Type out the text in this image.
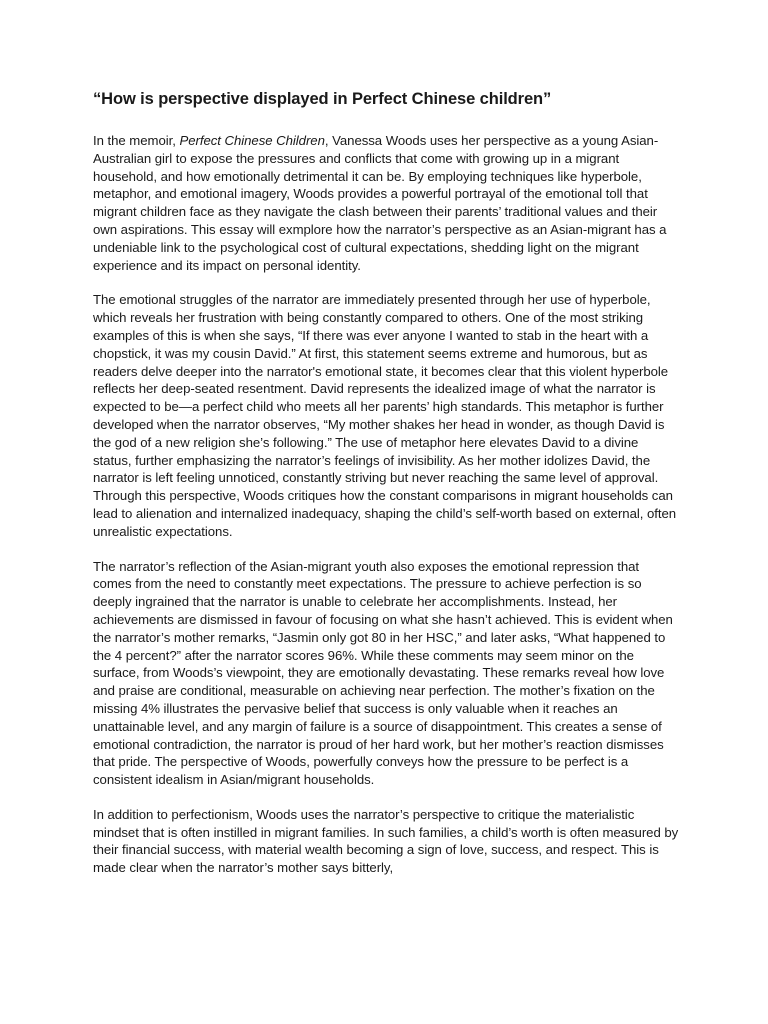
“How is perspective displayed in Perfect Chinese children”

In the memoir, Perfect Chinese Children, Vanessa Woods uses her perspective as a young Asian-Australian girl to expose the pressures and conflicts that come with growing up in a migrant household, and how emotionally detrimental it can be. By employing techniques like hyperbole, metaphor, and emotional imagery, Woods provides a powerful portrayal of the emotional toll that migrant children face as they navigate the clash between their parents’ traditional values and their own aspirations. This essay will exmplore how the narrator’s perspective as an Asian-migrant has a undeniable link to the psychological cost of cultural expectations, shedding light on the migrant experience and its impact on personal identity.

The emotional struggles of the narrator are immediately presented through her use of hyperbole, which reveals her frustration with being constantly compared to others. One of the most striking examples of this is when she says, “If there was ever anyone I wanted to stab in the heart with a chopstick, it was my cousin David.” At first, this statement seems extreme and humorous, but as readers delve deeper into the narrator's emotional state, it becomes clear that this violent hyperbole reflects her deep-seated resentment. David represents the idealized image of what the narrator is expected to be—a perfect child who meets all her parents’ high standards. This metaphor is further developed when the narrator observes, “My mother shakes her head in wonder, as though David is the god of a new religion she’s following.” The use of metaphor here elevates David to a divine status, further emphasizing the narrator’s feelings of invisibility. As her mother idolizes David, the narrator is left feeling unnoticed, constantly striving but never reaching the same level of approval. Through this perspective, Woods critiques how the constant comparisons in migrant households can lead to alienation and internalized inadequacy, shaping the child’s self-worth based on external, often unrealistic expectations.

The narrator’s reflection of the Asian-migrant youth also exposes the emotional repression that comes from the need to constantly meet expectations. The pressure to achieve perfection is so deeply ingrained that the narrator is unable to celebrate her accomplishments. Instead, her achievements are dismissed in favour of focusing on what she hasn’t achieved. This is evident when the narrator’s mother remarks, “Jasmin only got 80 in her HSC,” and later asks, “What happened to the 4 percent?” after the narrator scores 96%. While these comments may seem minor on the surface, from Woods’s viewpoint, they are emotionally devastating. These remarks reveal how love and praise are conditional, measurable on achieving near perfection. The mother’s fixation on the missing 4% illustrates the pervasive belief that success is only valuable when it reaches an unattainable level, and any margin of failure is a source of disappointment. This creates a sense of emotional contradiction, the narrator is proud of her hard work, but her mother’s reaction dismisses that pride. The perspective of Woods, powerfully conveys how the pressure to be perfect is a consistent idealism in Asian/migrant households.

In addition to perfectionism, Woods uses the narrator’s perspective to critique the materialistic mindset that is often instilled in migrant families. In such families, a child’s worth is often measured by their financial success, with material wealth becoming a sign of love, success, and respect. This is made clear when the narrator’s mother says bitterly,
